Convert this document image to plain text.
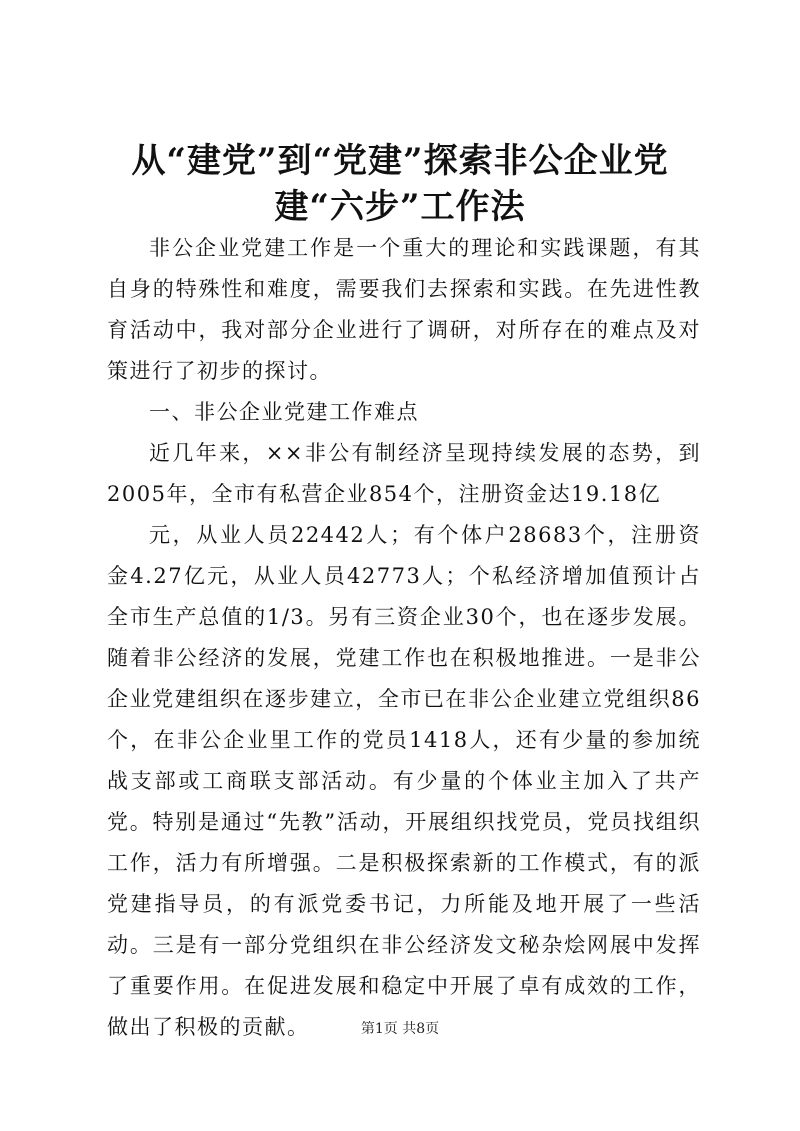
从“建党”到“党建”探索非公企业党建“六步”工作法

非公企业党建工作是一个重大的理论和实践课题，有其自身的特殊性和难度，需要我们去探索和实践。在先进性教育活动中，我对部分企业进行了调研，对所存在的难点及对策进行了初步的探讨。

一、非公企业党建工作难点

近几年来，××非公有制经济呈现持续发展的态势，到2005年，全市有私营企业854个，注册资金达19.18亿

元，从业人员22442人；有个体户28683个，注册资金4.27亿元，从业人员42773人；个私经济增加值预计占全市生产总值的1/3。另有三资企业30个，也在逐步发展。随着非公经济的发展，党建工作也在积极地推进。一是非公企业党建组织在逐步建立，全市已在非公企业建立党组织86个，在非公企业里工作的党员1418人，还有少量的参加统战支部或工商联支部活动。有少量的个体业主加入了共产党。特别是通过“先教”活动，开展组织找党员，党员找组织工作，活力有所增强。二是积极探索新的工作模式，有的派党建指导员，的有派党委书记，力所能及地开展了一些活动。三是有一部分党组织在非公经济发文秘杂烩网展中发挥了重要作用。在促进发展和稳定中开展了卓有成效的工作，做出了积极的贡献。	第1页 共8页
